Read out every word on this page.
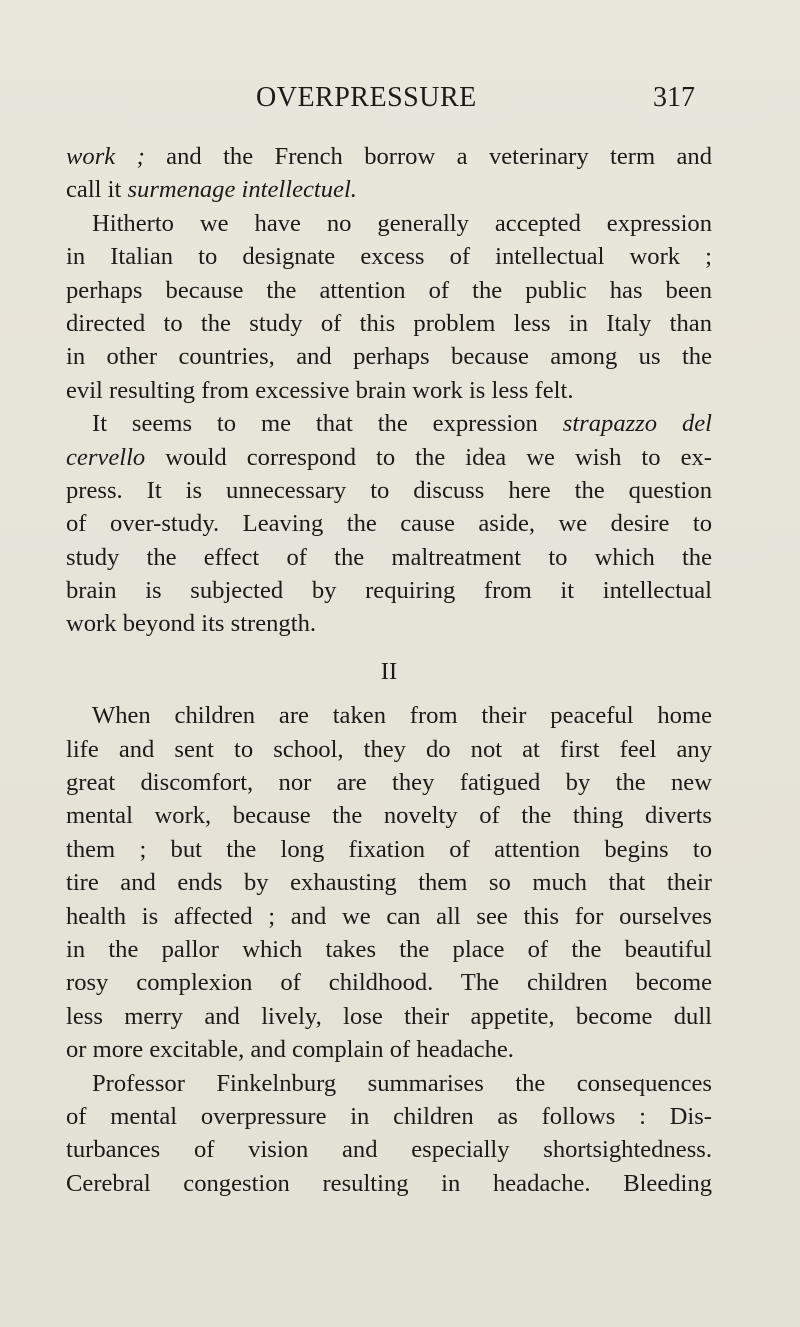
OVERPRESSURE	317
work ; and the French borrow a veterinary term and
call it surmenage intellectuel.
Hitherto we have no generally accepted expression
in Italian to designate excess of intellectual work ;
perhaps because the attention of the public has been
directed to the study of this problem less in Italy than
in other countries, and perhaps because among us the
evil resulting from excessive brain work is less felt.
It seems to me that the expression strapazzo del
cervello would correspond to the idea we wish to ex-
press. It is unnecessary to discuss here the question
of over-study. Leaving the cause aside, we desire to
study the effect of the maltreatment to which the
brain is subjected by requiring from it intellectual
work beyond its strength.
II
When children are taken from their peaceful home
life and sent to school, they do not at first feel any
great discomfort, nor are they fatigued by the new
mental work, because the novelty of the thing diverts
them ; but the long fixation of attention begins to
tire and ends by exhausting them so much that their
health is affected ; and we can all see this for ourselves
in the pallor which takes the place of the beautiful
rosy complexion of childhood. The children become
less merry and lively, lose their appetite, become dull
or more excitable, and complain of headache.
Professor Finkelnburg summarises the consequences
of mental overpressure in children as follows : Dis-
turbances of vision and especially shortsightedness.
Cerebral congestion resulting in headache. Bleeding
